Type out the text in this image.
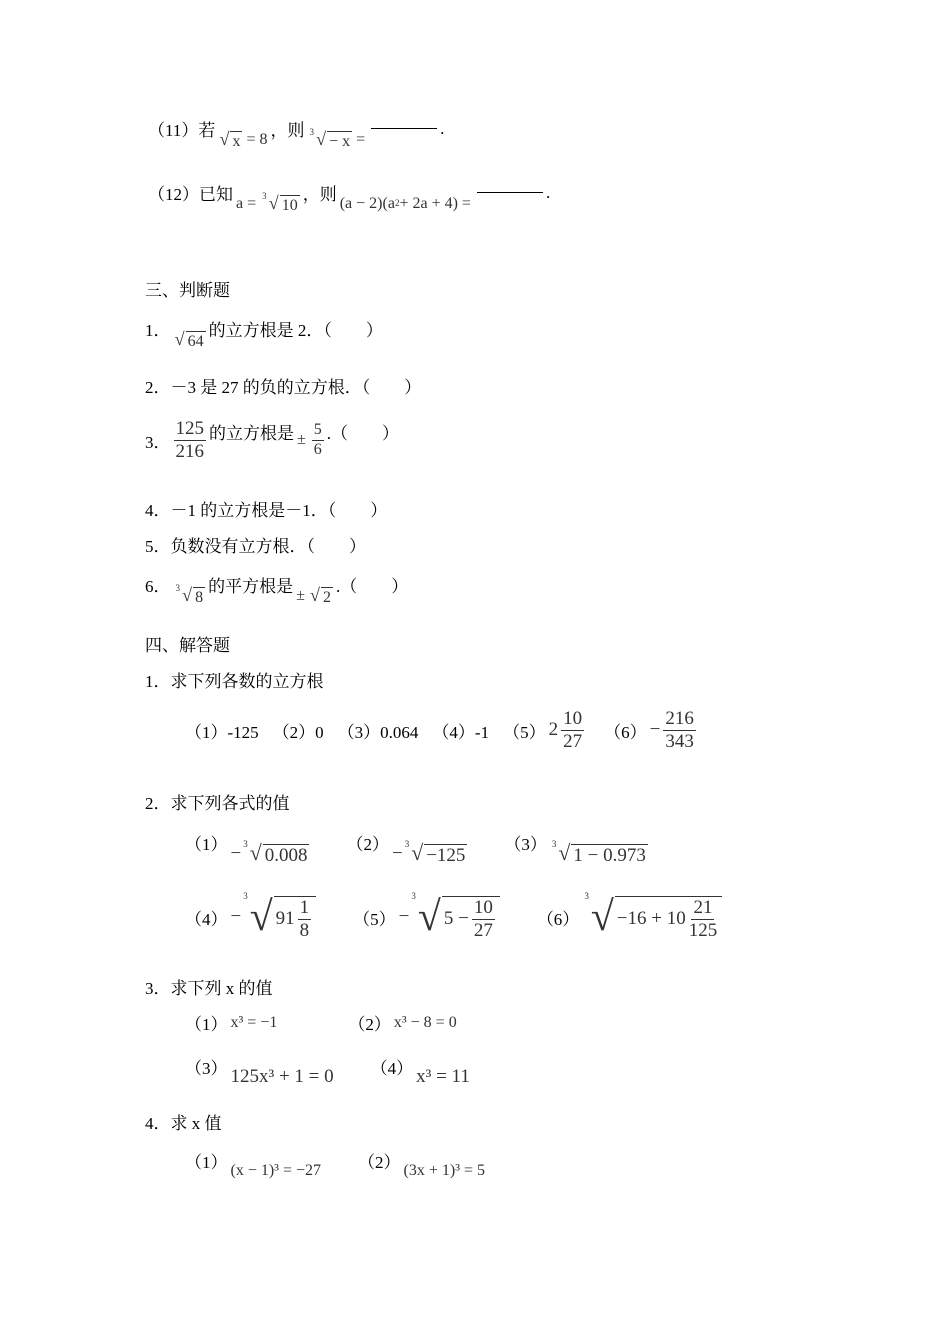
（11）若 √ x
= 8 ，则 3 √ − x
=
.
（12）已知 a =
3 √ 10
，则 (a − 2)(a 2 + 2a + 4) =
.
三、判断题
1． √ 64
的立方根是 2．（　　）
2．－3 是 27 的负的立方根．（　　）
3． $\frac{125}{216}$ 的立方根是 ± $\frac{5}{6}$ .（　　）
4．－1 的立方根是－1．（　　）
5．负数没有立方根．（　　）
6． 3 √ 8
的平方根是 ±
√ 2
.（　　）
四、解答题
1．求下列各数的立方根
（1）-125 （2）0 （3）0.064 （4）-1 （5） $2 \frac{10}{27} (6) - \frac{216}{343}$
2．求下列各式的值
（1） − 3 √ 0.008 （2） − 3 √ −125 （3） 3 √ 1 − 0.973
（4） −
3 √ $91 \frac{1}{8} (5)$ −
3 √ $5 - \frac{10}{27} (6)$
3 √ $-16 + 10 \frac{21}{125}$
3．求下列 x 的值
（1） x³ = −1	（2） x³ − 8 = 0
（3） 125x³ + 1 = 0 （4） x³ = 11
4．求 x 值
（1） (x − 1)³ = −27 （2） (3x + 1)³ = 5
